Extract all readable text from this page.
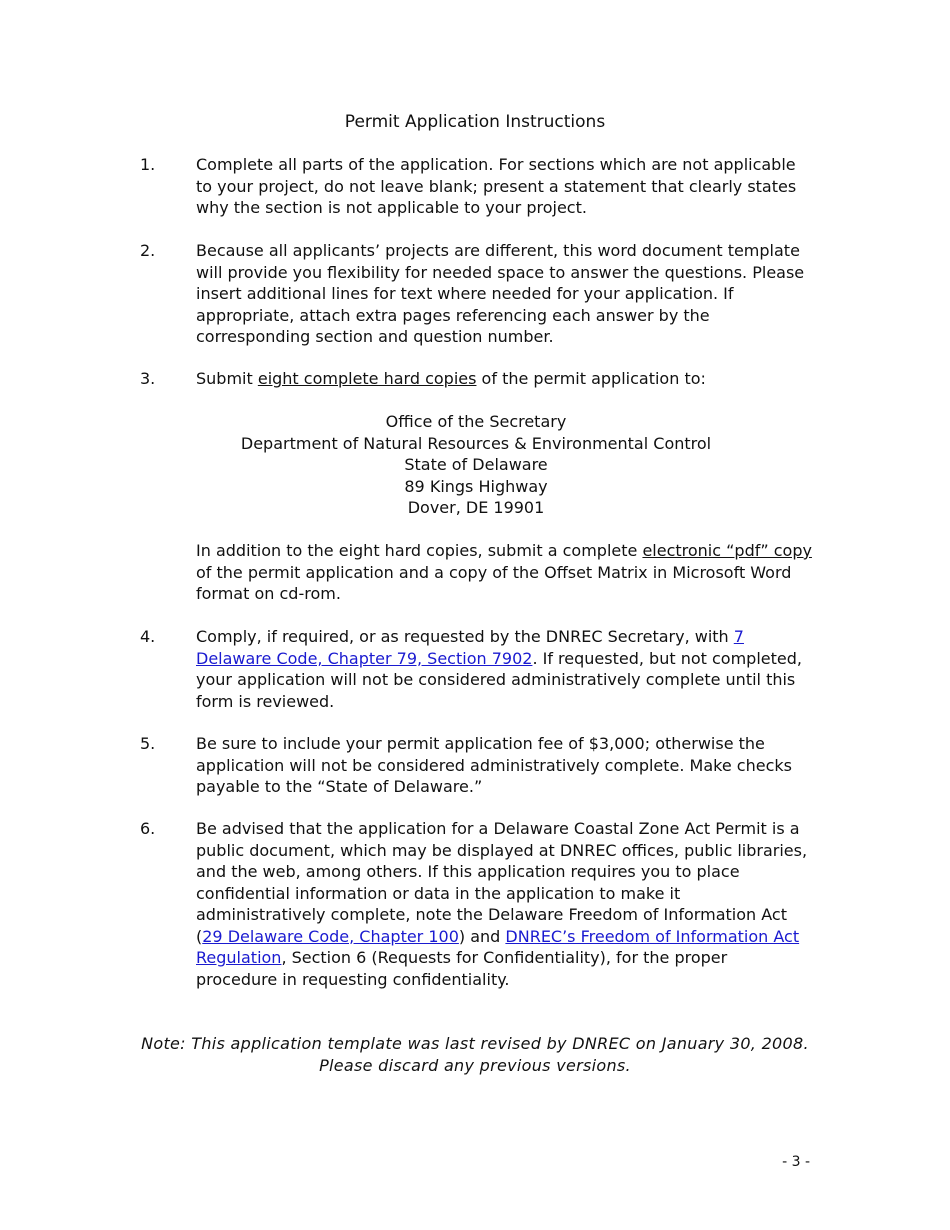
Permit Application Instructions
1.	Complete all parts of the application. For sections which are not applicable to your project, do not leave blank; present a statement that clearly states why the section is not applicable to your project.
2.	Because all applicants’ projects are different, this word document template will provide you flexibility for needed space to answer the questions. Please insert additional lines for text where needed for your application. If appropriate, attach extra pages referencing each answer by the corresponding section and question number.
3.	Submit eight complete hard copies of the permit application to:
Office of the Secretary
Department of Natural Resources & Environmental Control
State of Delaware
89 Kings Highway
Dover, DE 19901
In addition to the eight hard copies, submit a complete electronic “pdf” copy of the permit application and a copy of the Offset Matrix in Microsoft Word format on cd-rom.
4.	Comply, if required, or as requested by the DNREC Secretary, with 7 Delaware Code, Chapter 79, Section 7902. If requested, but not completed, your application will not be considered administratively complete until this form is reviewed.
5.	Be sure to include your permit application fee of $3,000; otherwise the application will not be considered administratively complete. Make checks payable to the “State of Delaware.”
6.	Be advised that the application for a Delaware Coastal Zone Act Permit is a public document, which may be displayed at DNREC offices, public libraries, and the web, among others. If this application requires you to place confidential information or data in the application to make it administratively complete, note the Delaware Freedom of Information Act (29 Delaware Code, Chapter 100) and DNREC’s Freedom of Information Act Regulation, Section 6 (Requests for Confidentiality), for the proper procedure in requesting confidentiality.
Note: This application template was last revised by DNREC on January 30, 2008. Please discard any previous versions.
- 3 -
